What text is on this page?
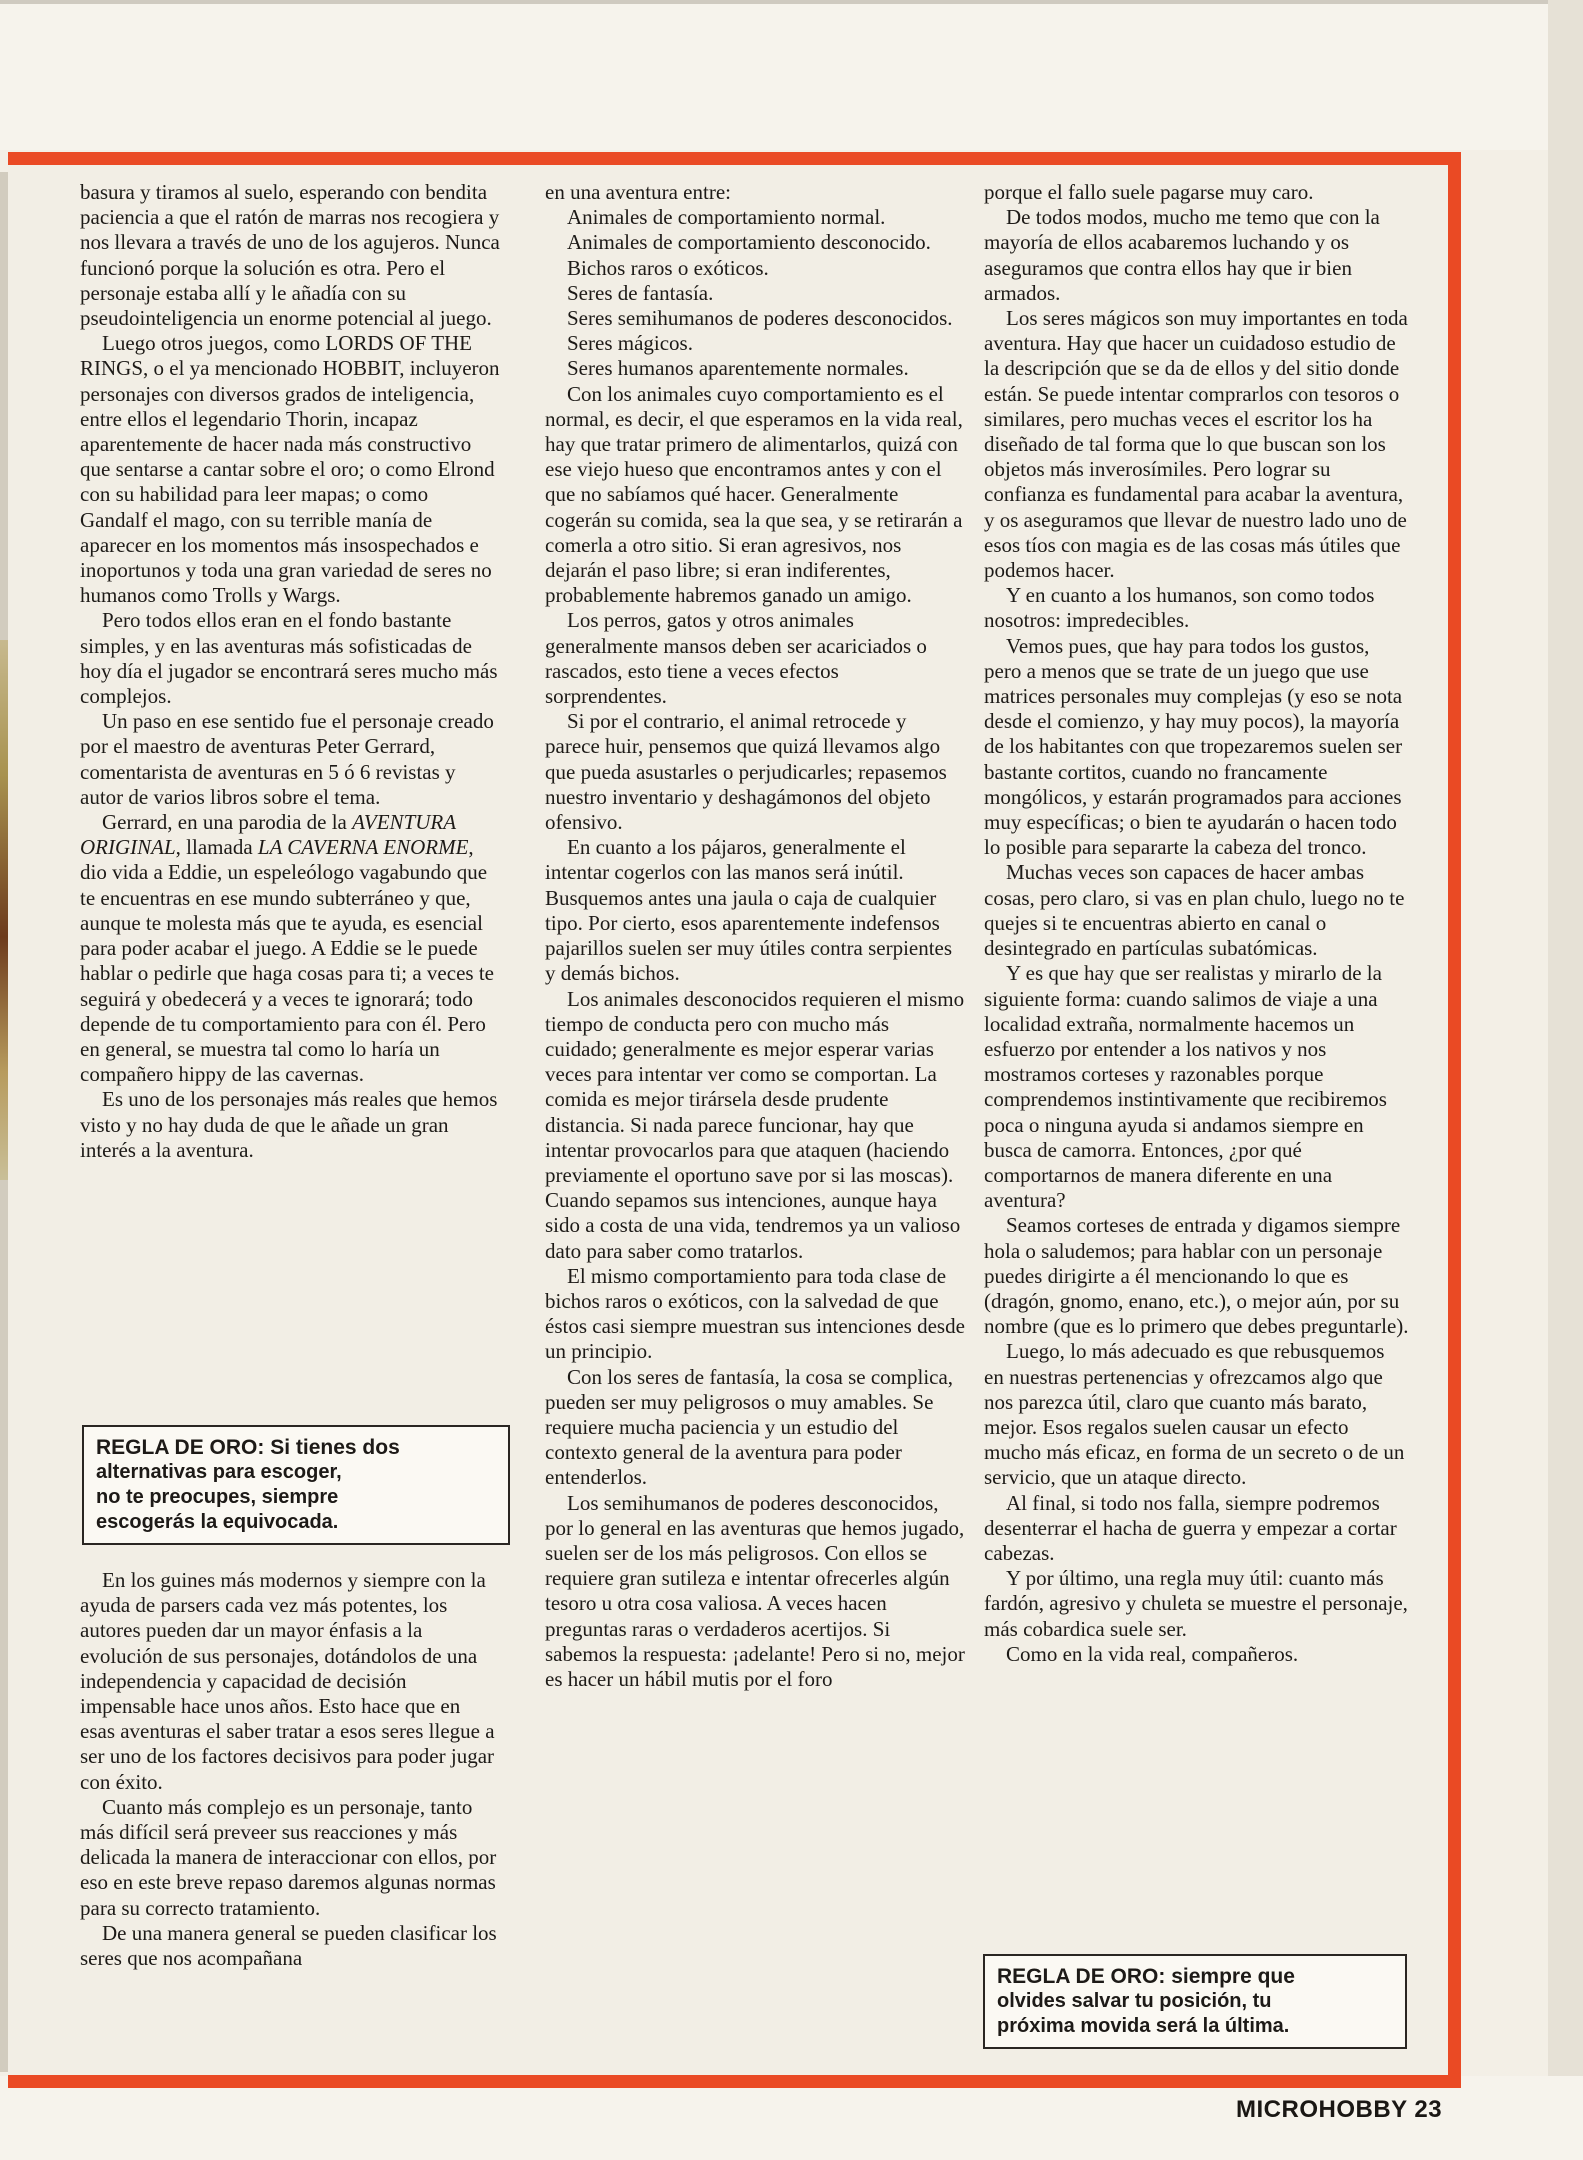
basura y tiramos al suelo, esperando con bendita paciencia a que el ratón de marras nos recogiera y nos llevara a través de uno de los agujeros. Nunca funcionó porque la solución es otra. Pero el personaje estaba allí y le añadía con su pseudointeligencia un enorme potencial al juego.

Luego otros juegos, como LORDS OF THE RINGS, o el ya mencionado HOBBIT, incluyeron personajes con diversos grados de inteligencia, entre ellos el legendario Thorin, incapaz aparentemente de hacer nada más constructivo que sentarse a cantar sobre el oro; o como Elrond con su habilidad para leer mapas; o como Gandalf el mago, con su terrible manía de aparecer en los momentos más insospechados e inoportunos y toda una gran variedad de seres no humanos como Trolls y Wargs.

Pero todos ellos eran en el fondo bastante simples, y en las aventuras más sofisticadas de hoy día el jugador se encontrará seres mucho más complejos.

Un paso en ese sentido fue el personaje creado por el maestro de aventuras Peter Gerrard, comentarista de aventuras en 5 ó 6 revistas y autor de varios libros sobre el tema.

Gerrard, en una parodia de la AVENTURA ORIGINAL, llamada LA CAVERNA ENORME, dio vida a Eddie, un espeleólogo vagabundo que te encuentras en ese mundo subterráneo y que, aunque te molesta más que te ayuda, es esencial para poder acabar el juego. A Eddie se le puede hablar o pedirle que haga cosas para ti; a veces te seguirá y obedecerá y a veces te ignorará; todo depende de tu comportamiento para con él. Pero en general, se muestra tal como lo haría un compañero hippy de las cavernas.

Es uno de los personajes más reales que hemos visto y no hay duda de que le añade un gran interés a la aventura.

REGLA DE ORO: Si tienes dos
alternativas para escoger,
no te preocupes, siempre
escogerás la equivocada.

En los guines más modernos y siempre con la ayuda de parsers cada vez más potentes, los autores pueden dar un mayor énfasis a la evolución de sus personajes, dotándolos de una independencia y capacidad de decisión impensable hace unos años. Esto hace que en esas aventuras el saber tratar a esos seres llegue a ser uno de los factores decisivos para poder jugar con éxito.

Cuanto más complejo es un personaje, tanto más difícil será preveer sus reacciones y más delicada la manera de interaccionar con ellos, por eso en este breve repaso daremos algunas normas para su correcto tratamiento.

De una manera general se pueden clasificar los seres que nos acompañana

en una aventura entre:

Animales de comportamiento normal.

Animales de comportamiento desconocido.

Bichos raros o exóticos.

Seres de fantasía.

Seres semihumanos de poderes desconocidos.

Seres mágicos.

Seres humanos aparentemente normales.

Con los animales cuyo comportamiento es el normal, es decir, el que esperamos en la vida real, hay que tratar primero de alimentarlos, quizá con ese viejo hueso que encontramos antes y con el que no sabíamos qué hacer. Generalmente cogerán su comida, sea la que sea, y se retirarán a comerla a otro sitio. Si eran agresivos, nos dejarán el paso libre; si eran indiferentes, probablemente habremos ganado un amigo.

Los perros, gatos y otros animales generalmente mansos deben ser acariciados o rascados, esto tiene a veces efectos sorprendentes.

Si por el contrario, el animal retrocede y parece huir, pensemos que quizá llevamos algo que pueda asustarles o perjudicarles; repasemos nuestro inventario y deshagámonos del objeto ofensivo.

En cuanto a los pájaros, generalmente el intentar cogerlos con las manos será inútil. Busquemos antes una jaula o caja de cualquier tipo. Por cierto, esos aparentemente indefensos pajarillos suelen ser muy útiles contra serpientes y demás bichos.

Los animales desconocidos requieren el mismo tiempo de conducta pero con mucho más cuidado; generalmente es mejor esperar varias veces para intentar ver como se comportan. La comida es mejor tirársela desde prudente distancia. Si nada parece funcionar, hay que intentar provocarlos para que ataquen (haciendo previamente el oportuno save por si las moscas). Cuando sepamos sus intenciones, aunque haya sido a costa de una vida, tendremos ya un valioso dato para saber como tratarlos.

El mismo comportamiento para toda clase de bichos raros o exóticos, con la salvedad de que éstos casi siempre muestran sus intenciones desde un principio.

Con los seres de fantasía, la cosa se complica, pueden ser muy peligrosos o muy amables. Se requiere mucha paciencia y un estudio del contexto general de la aventura para poder entenderlos.

Los semihumanos de poderes desconocidos, por lo general en las aventuras que hemos jugado, suelen ser de los más peligrosos. Con ellos se requiere gran sutileza e intentar ofrecerles algún tesoro u otra cosa valiosa. A veces hacen preguntas raras o verdaderos acertijos. Si sabemos la respuesta: ¡adelante! Pero si no, mejor es hacer un hábil mutis por el foro

porque el fallo suele pagarse muy caro.

De todos modos, mucho me temo que con la mayoría de ellos acabaremos luchando y os aseguramos que contra ellos hay que ir bien armados.

Los seres mágicos son muy importantes en toda aventura. Hay que hacer un cuidadoso estudio de la descripción que se da de ellos y del sitio donde están. Se puede intentar comprarlos con tesoros o similares, pero muchas veces el escritor los ha diseñado de tal forma que lo que buscan son los objetos más inverosímiles. Pero lograr su confianza es fundamental para acabar la aventura, y os aseguramos que llevar de nuestro lado uno de esos tíos con magia es de las cosas más útiles que podemos hacer.

Y en cuanto a los humanos, son como todos nosotros: impredecibles.

Vemos pues, que hay para todos los gustos, pero a menos que se trate de un juego que use matrices personales muy complejas (y eso se nota desde el comienzo, y hay muy pocos), la mayoría de los habitantes con que tropezaremos suelen ser bastante cortitos, cuando no francamente mongólicos, y estarán programados para acciones muy específicas; o bien te ayudarán o hacen todo lo posible para separarte la cabeza del tronco.

Muchas veces son capaces de hacer ambas cosas, pero claro, si vas en plan chulo, luego no te quejes si te encuentras abierto en canal o desintegrado en partículas subatómicas.

Y es que hay que ser realistas y mirarlo de la siguiente forma: cuando salimos de viaje a una localidad extraña, normalmente hacemos un esfuerzo por entender a los nativos y nos mostramos corteses y razonables porque comprendemos instintivamente que recibiremos poca o ninguna ayuda si andamos siempre en busca de camorra. Entonces, ¿por qué comportarnos de manera diferente en una aventura?

Seamos corteses de entrada y digamos siempre hola o saludemos; para hablar con un personaje puedes dirigirte a él mencionando lo que es (dragón, gnomo, enano, etc.), o mejor aún, por su nombre (que es lo primero que debes preguntarle).

Luego, lo más adecuado es que rebusquemos en nuestras pertenencias y ofrezcamos algo que nos parezca útil, claro que cuanto más barato, mejor. Esos regalos suelen causar un efecto mucho más eficaz, en forma de un secreto o de un servicio, que un ataque directo.

Al final, si todo nos falla, siempre podremos desenterrar el hacha de guerra y empezar a cortar cabezas.

Y por último, una regla muy útil: cuanto más fardón, agresivo y chuleta se muestre el personaje, más cobardica suele ser.

Como en la vida real, compañeros.

REGLA DE ORO: siempre que
olvides salvar tu posición, tu
próxima movida será la última.
MICROHOBBY 23
